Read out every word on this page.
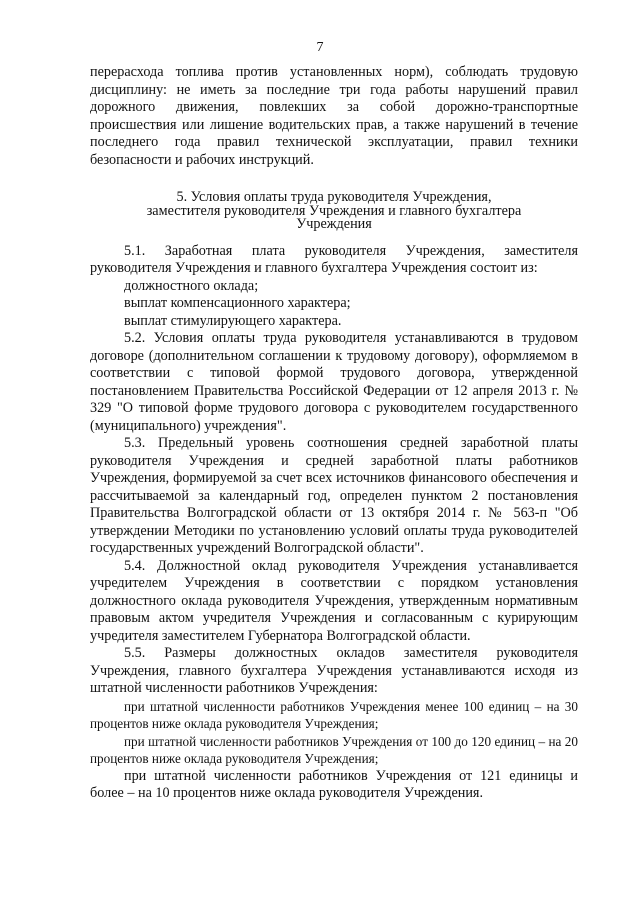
7

перерасхода топлива против установленных норм), соблюдать трудовую дисциплину: не иметь за последние три года работы нарушений правил дорожного движения, повлекших за собой дорожно-транспортные происшествия или лишение водительских прав, а также нарушений в течение последнего года правил технической эксплуатации, правил техники безопасности и рабочих инструкций.

5. Условия оплаты труда руководителя Учреждения,

заместителя руководителя Учреждения и главного бухгалтера

Учреждения

5.1. Заработная плата руководителя Учреждения, заместителя руководителя Учреждения и главного бухгалтера Учреждения состоит из:

должностного оклада;

выплат компенсационного характера;

выплат стимулирующего характера.

5.2. Условия оплаты труда руководителя устанавливаются в трудовом договоре (дополнительном соглашении к трудовому договору), оформляемом в соответствии с типовой формой трудового договора, утвержденной постановлением Правительства Российской Федерации от 12 апреля 2013 г. № 329 "О типовой форме трудового договора с руководителем государственного (муниципального) учреждения".

5.3. Предельный уровень соотношения средней заработной платы руководителя Учреждения и средней заработной платы работников Учреждения, формируемой за счет всех источников финансового обеспечения и рассчитываемой за календарный год, определен пунктом 2 постановления Правительства Волгоградской области от 13 октября 2014 г. № 563-п "Об утверждении Методики по установлению условий оплаты труда руководителей государственных учреждений Волгоградской области".

5.4. Должностной оклад руководителя Учреждения устанавливается учредителем Учреждения в соответствии с порядком установления должностного оклада руководителя Учреждения, утвержденным нормативным правовым актом учредителя Учреждения и согласованным с курирующим учредителя заместителем Губернатора Волгоградской области.

5.5. Размеры должностных окладов заместителя руководителя Учреждения, главного бухгалтера Учреждения устанавливаются исходя из штатной численности работников Учреждения:

при штатной численности работников Учреждения менее 100 единиц – на 30 процентов ниже оклада руководителя Учреждения;

при штатной численности работников Учреждения от 100 до 120 единиц – на 20 процентов ниже оклада руководителя Учреждения;

при штатной численности работников Учреждения от 121 единицы и более – на 10 процентов ниже оклада руководителя Учреждения.
